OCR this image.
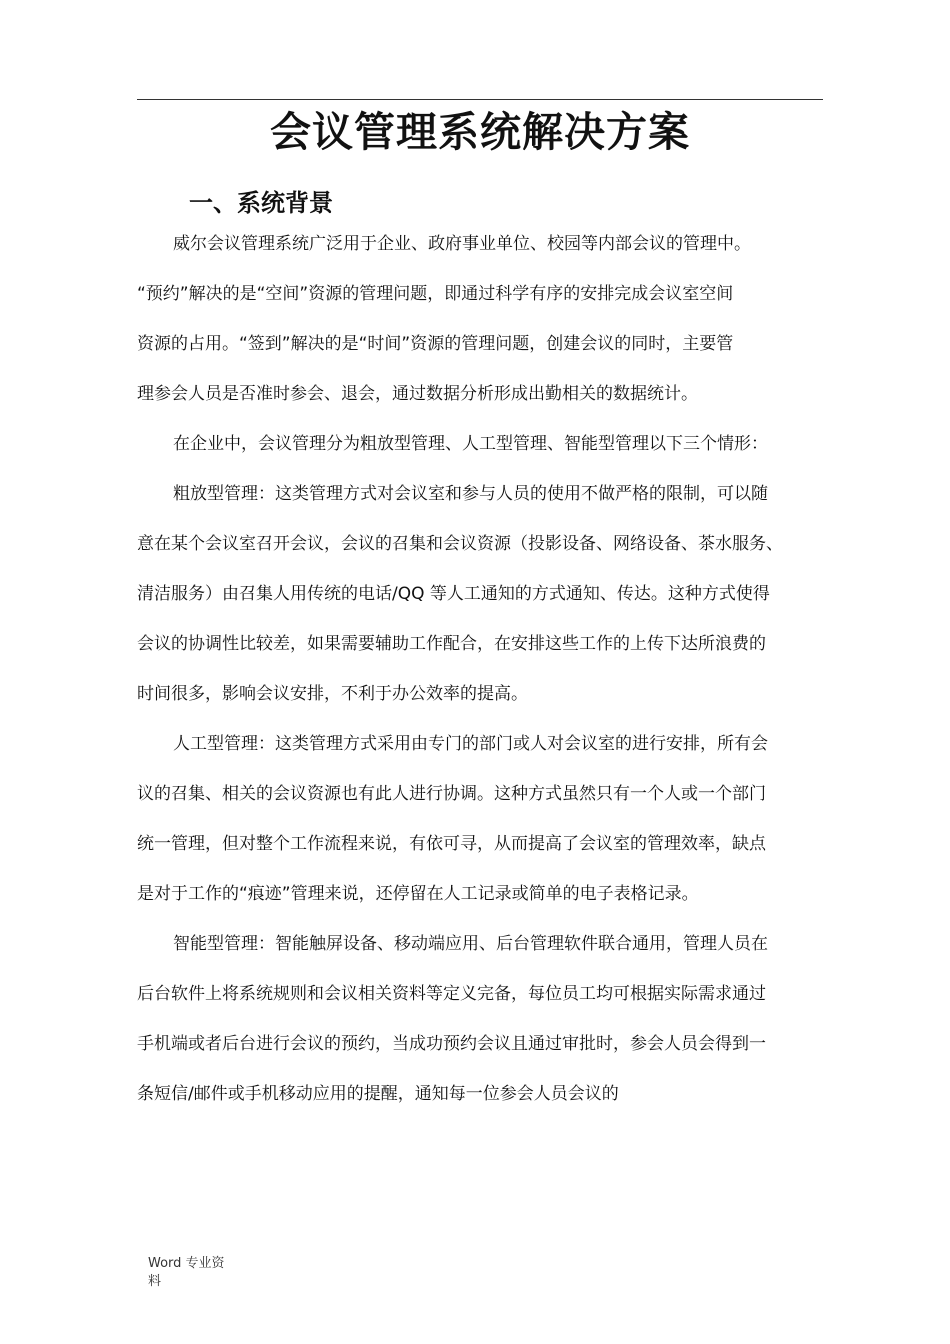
会议管理系统解决方案
一、系统背景

威尔会议管理系统广泛用于企业、政府事业单位、校园等内部会议的管理中。

“预约”解决的是“空间”资源的管理问题，即通过科学有序的安排完成会议室空间
资源的占用。“签到”解决的是“时间”资源的管理问题，创建会议的同时，主要管
理参会人员是否准时参会、退会，通过数据分析形成出勤相关的数据统计。

在企业中，会议管理分为粗放型管理、人工型管理、智能型管理以下三个情形：

粗放型管理：这类管理方式对会议室和参与人员的使用不做严格的限制，可以随
意在某个会议室召开会议，会议的召集和会议资源（投影设备、网络设备、茶水服务、
清洁服务）由召集人用传统的电话/QQ 等人工通知的方式通知、传达。这种方式使得
会议的协调性比较差，如果需要辅助工作配合，在安排这些工作的上传下达所浪费的
时间很多，影响会议安排，不利于办公效率的提高。

人工型管理：这类管理方式采用由专门的部门或人对会议室的进行安排，所有会
议的召集、相关的会议资源也有此人进行协调。这种方式虽然只有一个人或一个部门
统一管理，但对整个工作流程来说，有依可寻，从而提高了会议室的管理效率，缺点
是对于工作的“痕迹”管理来说，还停留在人工记录或简单的电子表格记录。

智能型管理：智能触屏设备、移动端应用、后台管理软件联合通用，管理人员在
后台软件上将系统规则和会议相关资料等定义完备，每位员工均可根据实际需求通过
手机端或者后台进行会议的预约，当成功预约会议且通过审批时，参会人员会得到一
条短信/邮件或手机移动应用的提醒，通知每一位参会人员会议的

Word 专业资
料
